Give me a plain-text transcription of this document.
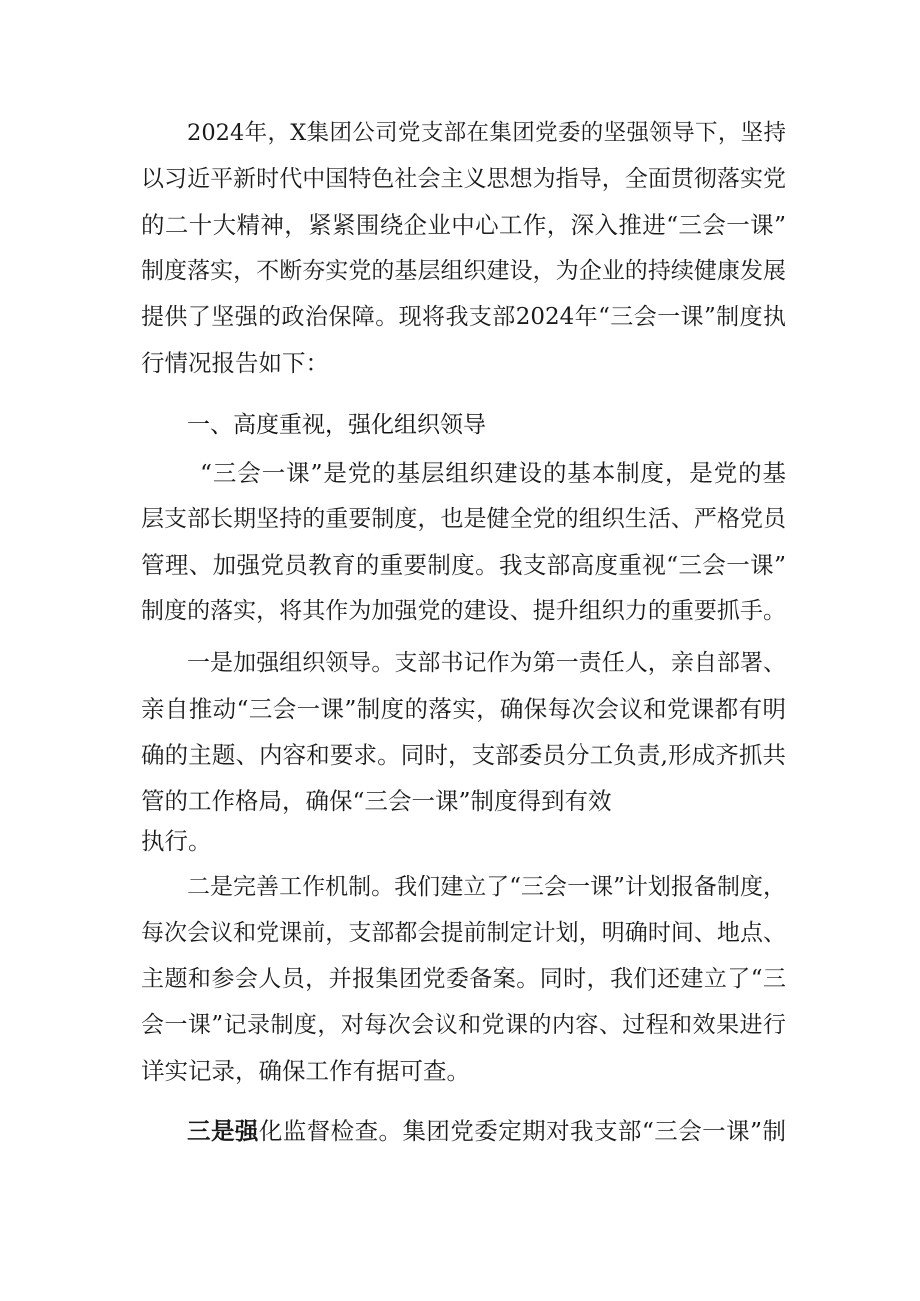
2024年，X集团公司党支部在集团党委的坚强领导下，坚持
以习近平新时代中国特色社会主义思想为指导，全面贯彻落实党
的二十大精神，紧紧围绕企业中心工作，深入推进“三会一课”
制度落实，不断夯实党的基层组织建设，为企业的持续健康发展
提供了坚强的政治保障。现将我支部2024年“三会一课”制度执
行情况报告如下：
一、高度重视，强化组织领导
“三会一课”是党的基层组织建设的基本制度，是党的基
层支部长期坚持的重要制度，也是健全党的组织生活、严格党员
管理、加强党员教育的重要制度。我支部高度重视“三会一课”
制度的落实，将其作为加强党的建设、提升组织力的重要抓手。
一是加强组织领导。支部书记作为第一责任人，亲自部署、
亲自推动“三会一课”制度的落实，确保每次会议和党课都有明
确的主题、内容和要求。同时，支部委员分工负责,形成齐抓共
管的工作格局，确保“三会一课”制度得到有效
执行。
二是完善工作机制。我们建立了“三会一课”计划报备制度，
每次会议和党课前，支部都会提前制定计划，明确时间、地点、
主题和参会人员，并报集团党委备案。同时，我们还建立了“三
会一课”记录制度，对每次会议和党课的内容、过程和效果进行
详实记录，确保工作有据可查。
三是强化监督检查。集团党委定期对我支部“三会一课”制
